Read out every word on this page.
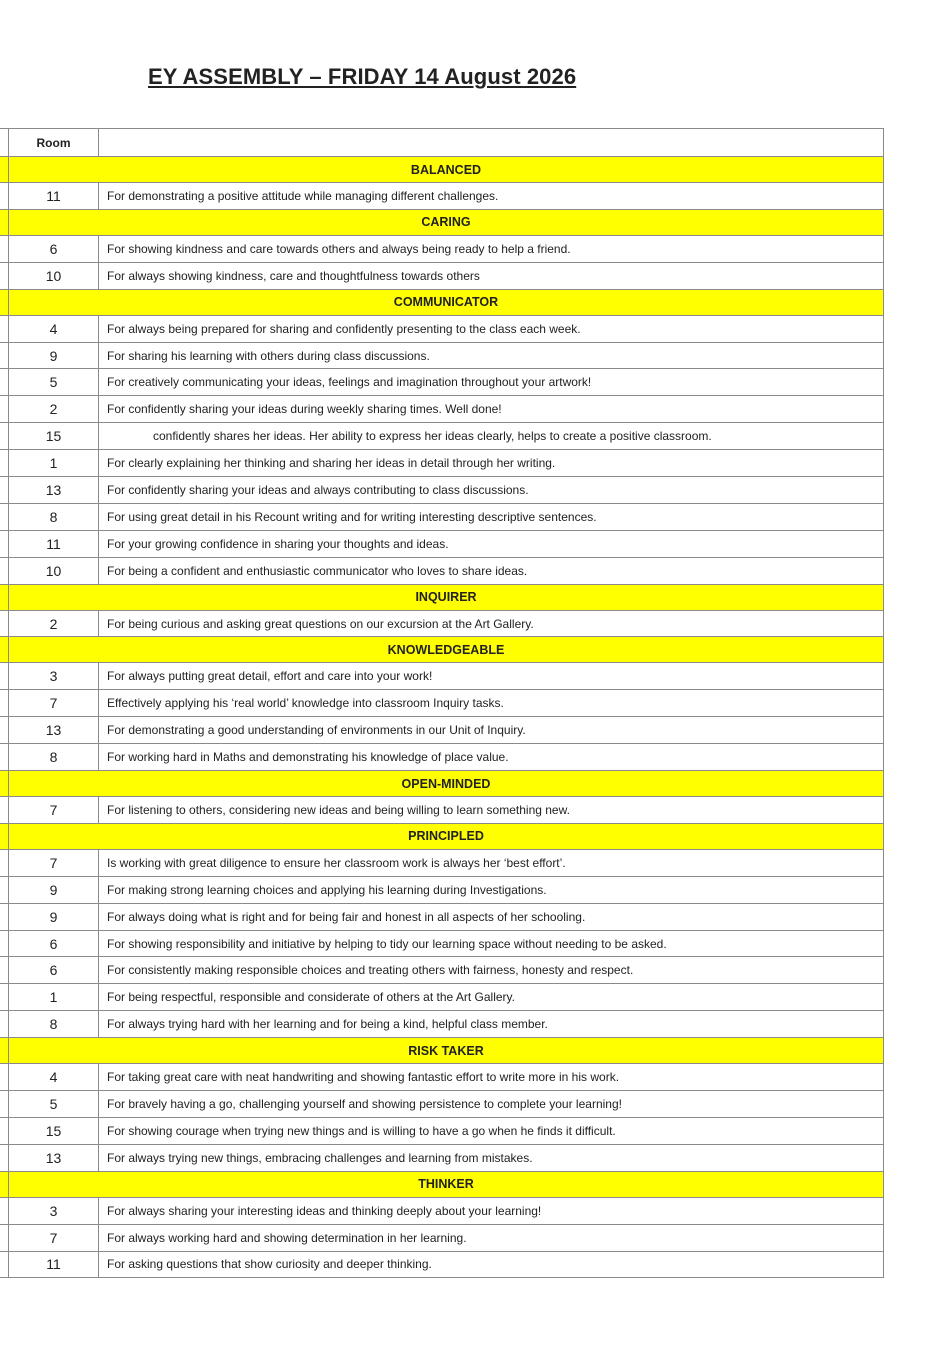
EY ASSEMBLY – FRIDAY 14 August 2026
	Room	
	BALANCED	
	11	For demonstrating a positive attitude while managing different challenges.
	CARING	
	6	For showing kindness and care towards others and always being ready to help a friend.
	10	For always showing kindness, care and thoughtfulness towards others
	COMMUNICATOR	
	4	For always being prepared for sharing and confidently presenting to the class each week.
	9	For sharing his learning with others during class discussions.
	5	For creatively communicating your ideas, feelings and imagination throughout your artwork!
	2	For confidently sharing your ideas during weekly sharing times. Well done!
	15	confidently shares her ideas. Her ability to express her ideas clearly, helps to create a positive classroom.
	1	For clearly explaining her thinking and sharing her ideas in detail through her writing.
	13	For confidently sharing your ideas and always contributing to class discussions.
	8	For using great detail in his Recount writing and for writing interesting descriptive sentences.
	11	For your growing confidence in sharing your thoughts and ideas.
	10	For being a confident and enthusiastic communicator who loves to share ideas.
	INQUIRER	
	2	For being curious and asking great questions on our excursion at the Art Gallery.
	KNOWLEDGEABLE	
	3	For always putting great detail, effort and care into your work!
	7	Effectively applying his ‘real world’ knowledge into classroom Inquiry tasks.
	13	For demonstrating a good understanding of environments in our Unit of Inquiry.
	8	For working hard in Maths and demonstrating his knowledge of place value.
	OPEN-MINDED	
	7	For listening to others, considering new ideas and being willing to learn something new.
	PRINCIPLED	
	7	Is working with great diligence to ensure her classroom work is always her ‘best effort’.
	9	For making strong learning choices and applying his learning during Investigations.
	9	For always doing what is right and for being fair and honest in all aspects of her schooling.
	6	For showing responsibility and initiative by helping to tidy our learning space without needing to be asked.
	6	For consistently making responsible choices and treating others with fairness, honesty and respect.
	1	For being respectful, responsible and considerate of others at the Art Gallery.
	8	For always trying hard with her learning and for being a kind, helpful class member.
	RISK TAKER	
	4	For taking great care with neat handwriting and showing fantastic effort to write more in his work.
	5	For bravely having a go, challenging yourself and showing persistence to complete your learning!
	15	For showing courage when trying new things and is willing to have a go when he finds it difficult.
	13	For always trying new things, embracing challenges and learning from mistakes.
	THINKER	
	3	For always sharing your interesting ideas and thinking deeply about your learning!
	7	For always working hard and showing determination in her learning.
	11	For asking questions that show curiosity and deeper thinking.
